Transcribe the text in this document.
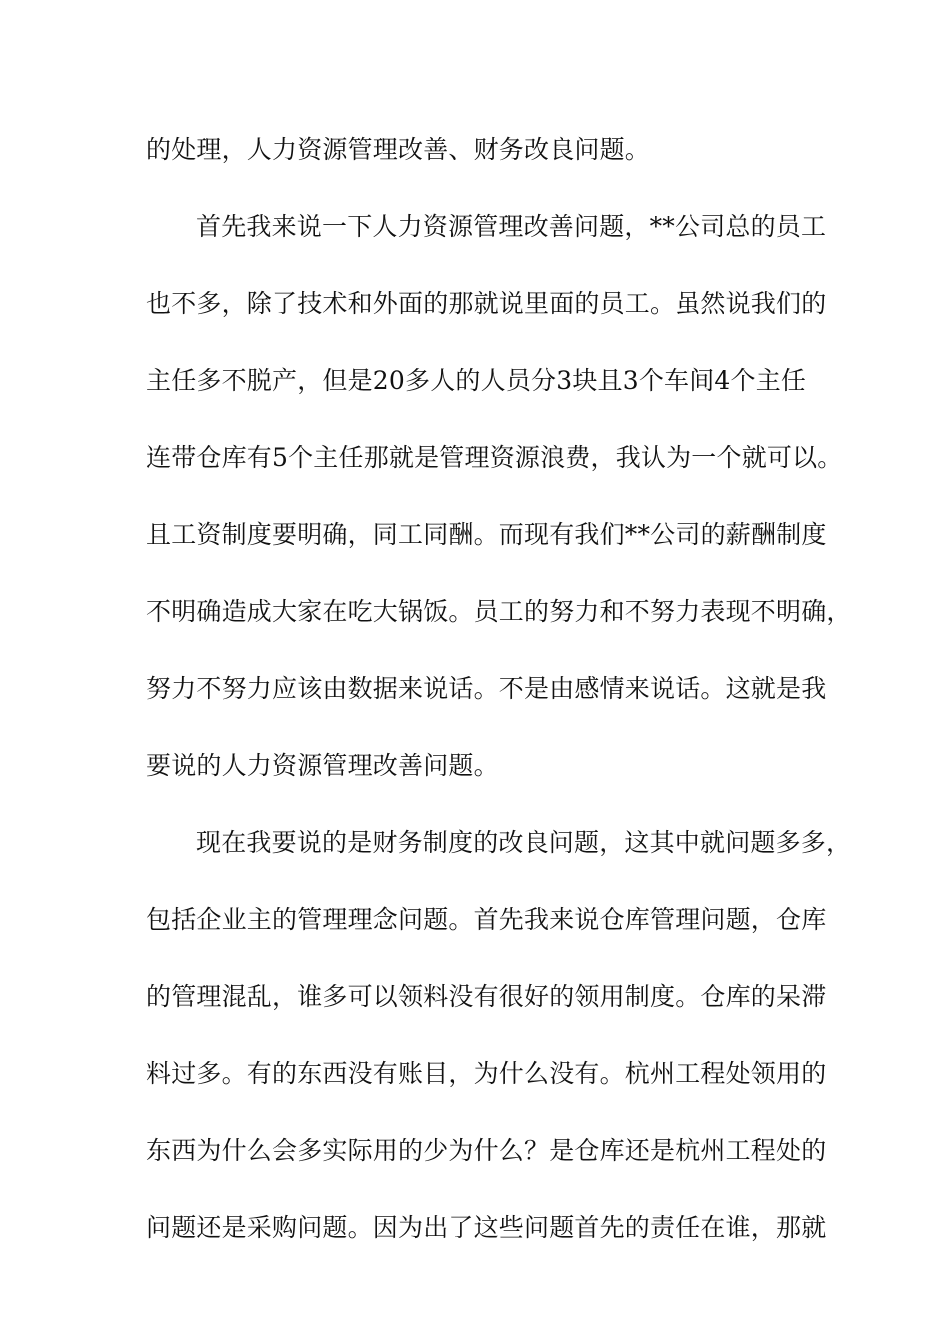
的处理，人力资源管理改善、财务改良问题。
首先我来说一下人力资源管理改善问题，**公司总的员工
也不多，除了技术和外面的那就说里面的员工。虽然说我们的
主任多不脱产，但是20多人的人员分3块且3个车间4个主任
连带仓库有5个主任那就是管理资源浪费，我认为一个就可以。
且工资制度要明确，同工同酬。而现有我们**公司的薪酬制度
不明确造成大家在吃大锅饭。员工的努力和不努力表现不明确，
努力不努力应该由数据来说话。不是由感情来说话。这就是我
要说的人力资源管理改善问题。
现在我要说的是财务制度的改良问题，这其中就问题多多，
包括企业主的管理理念问题。首先我来说仓库管理问题，仓库
的管理混乱，谁多可以领料没有很好的领用制度。仓库的呆滞
料过多。有的东西没有账目，为什么没有。杭州工程处领用的
东西为什么会多实际用的少为什么？是仓库还是杭州工程处的
问题还是采购问题。因为出了这些问题首先的责任在谁，那就
